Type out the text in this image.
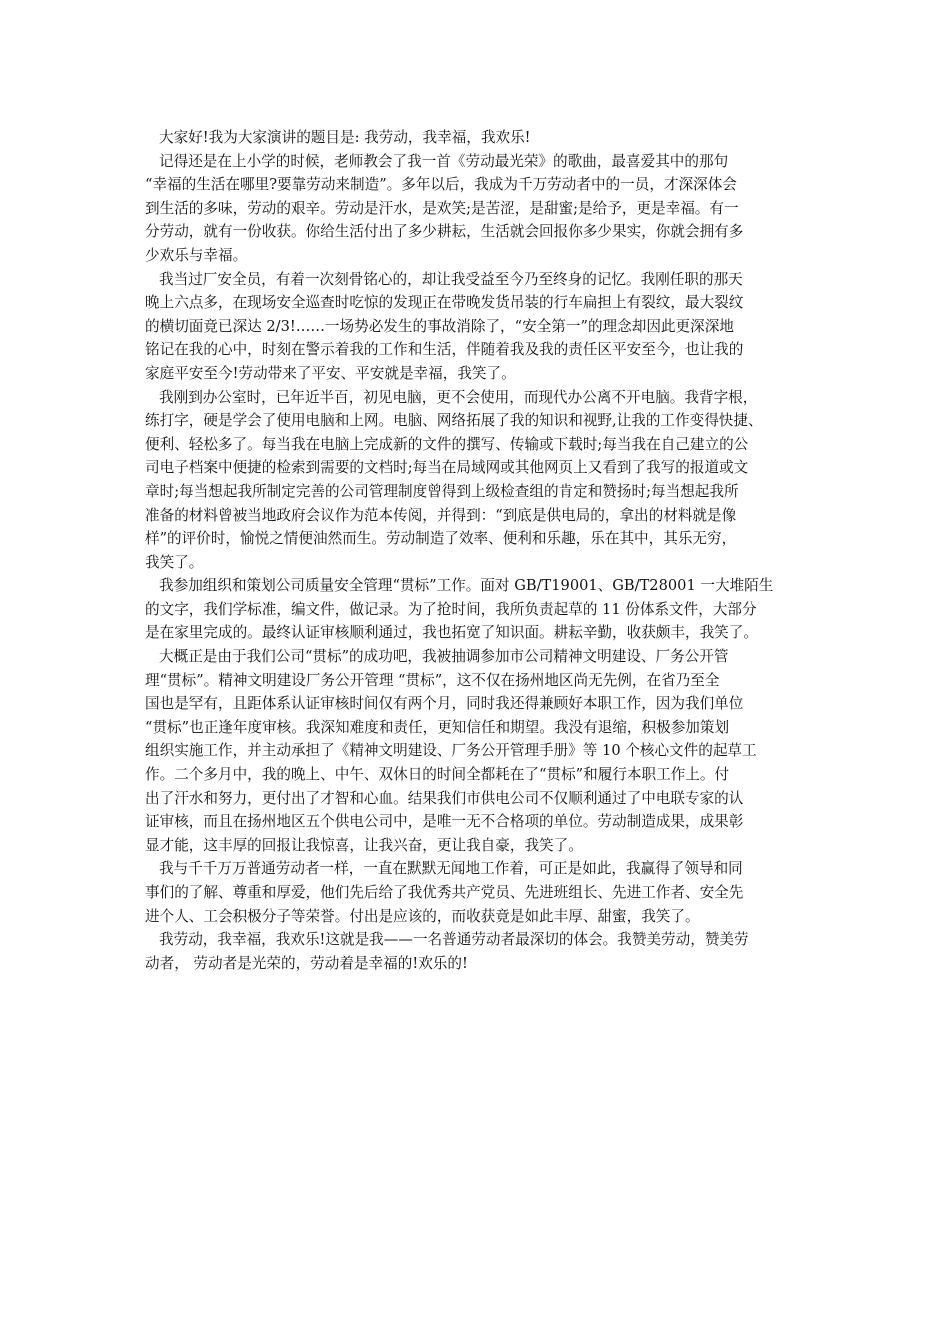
大家好!我为大家演讲的题目是: 我劳动，我幸福，我欢乐!
记得还是在上小学的时候，老师教会了我一首《劳动最光荣》的歌曲，最喜爱其中的那句
“幸福的生活在哪里?要靠劳动来制造”。多年以后，我成为千万劳动者中的一员，才深深体会
到生活的多味，劳动的艰辛。劳动是汗水，是欢笑;是苦涩，是甜蜜;是给予，更是幸福。有一
分劳动，就有一份收获。你给生活付出了多少耕耘，生活就会回报你多少果实，你就会拥有多
少欢乐与幸福。
我当过厂安全员，有着一次刻骨铭心的，却让我受益至今乃至终身的记忆。我刚任职的那天
晚上六点多，在现场安全巡查时吃惊的发现正在带晚发货吊装的行车扁担上有裂纹，最大裂纹
的横切面竟已深达 2/3!……一场势必发生的事故消除了，“安全第一”的理念却因此更深深地
铭记在我的心中，时刻在警示着我的工作和生活，伴随着我及我的责任区平安至今，也让我的
家庭平安至今!劳动带来了平安、平安就是幸福，我笑了。
我刚到办公室时，已年近半百，初见电脑，更不会使用，而现代办公离不开电脑。我背字根，
练打字，硬是学会了使用电脑和上网。电脑、网络拓展了我的知识和视野,让我的工作变得快捷、
便利、轻松多了。每当我在电脑上完成新的文件的撰写、传输或下载时;每当我在自己建立的公
司电子档案中便捷的检索到需要的文档时;每当在局域网或其他网页上又看到了我写的报道或文
章时;每当想起我所制定完善的公司管理制度曾得到上级检查组的肯定和赞扬时;每当想起我所
准备的材料曾被当地政府会议作为范本传阅，并得到：“到底是供电局的，拿出的材料就是像
样”的评价时，愉悦之情便油然而生。劳动制造了效率、便利和乐趣，乐在其中，其乐无穷，
我笑了。
我参加组织和策划公司质量安全管理“贯标”工作。面对 GB/T19001、GB/T28001 一大堆陌生
的文字，我们学标准，编文件，做记录。为了抢时间，我所负责起草的 11 份体系文件，大部分
是在家里完成的。最终认证审核顺利通过，我也拓宽了知识面。耕耘辛勤，收获颇丰，我笑了。
大概正是由于我们公司“贯标”的成功吧，我被抽调参加市公司精神文明建设、厂务公开管
理“贯标”。精神文明建设厂务公开管理 “贯标”，这不仅在扬州地区尚无先例，在省乃至全
国也是罕有，且距体系认证审核时间仅有两个月，同时我还得兼顾好本职工作，因为我们单位
“贯标”也正逢年度审核。我深知难度和责任，更知信任和期望。我没有退缩，积极参加策划
组织实施工作，并主动承担了《精神文明建设、厂务公开管理手册》等 10 个核心文件的起草工
作。二个多月中，我的晚上、中午、双休日的时间全都耗在了“贯标”和履行本职工作上。付
出了汗水和努力，更付出了才智和心血。结果我们市供电公司不仅顺利通过了中电联专家的认
证审核，而且在扬州地区五个供电公司中，是唯一无不合格项的单位。劳动制造成果，成果彰
显才能，这丰厚的回报让我惊喜，让我兴奋，更让我自豪，我笑了。
我与千千万万普通劳动者一样，一直在默默无闻地工作着，可正是如此，我赢得了领导和同
事们的了解、尊重和厚爱，他们先后给了我优秀共产党员、先进班组长、先进工作者、安全先
进个人、工会积极分子等荣誉。付出是应该的，而收获竟是如此丰厚、甜蜜，我笑了。
我劳动，我幸福，我欢乐!这就是我——一名普通劳动者最深切的体会。我赞美劳动，赞美劳
动者， 劳动者是光荣的，劳动着是幸福的!欢乐的!
